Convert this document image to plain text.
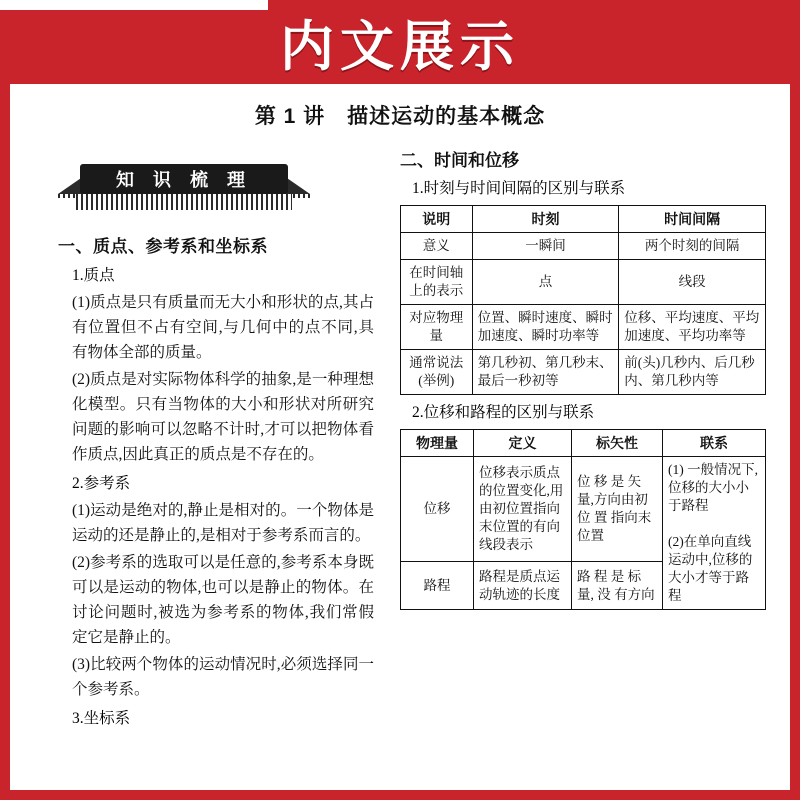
内文展示
第 1 讲　描述运动的基本概念
知 识 梳 理
一、质点、参考系和坐标系
1.质点

(1)质点是只有质量而无大小和形状的点,其占有位置但不占有空间,与几何中的点不同,具有物体全部的质量。

(2)质点是对实际物体科学的抽象,是一种理想化模型。只有当物体的大小和形状对所研究问题的影响可以忽略不计时,才可以把物体看作质点,因此真正的质点是不存在的。

2.参考系

(1)运动是绝对的,静止是相对的。一个物体是运动的还是静止的,是相对于参考系而言的。

(2)参考系的选取可以是任意的,参考系本身既可以是运动的物体,也可以是静止的物体。在讨论问题时,被选为参考系的物体,我们常假定它是静止的。

(3)比较两个物体的运动情况时,必须选择同一个参考系。

3.坐标系
二、时间和位移
1.时刻与时间间隔的区别与联系
说明	时刻	时间间隔
意义	一瞬间	两个时刻的间隔
在时间轴上的表示	点	线段
对应物理量	位置、瞬时速度、瞬时加速度、瞬时功率等	位移、平均速度、平均加速度、平均功率等
通常说法(举例)	第几秒初、第几秒末、最后一秒初等	前(头)几秒内、后几秒内、第几秒内等
2.位移和路程的区别与联系
物理量	定义	标矢性	联系
位移	位移表示质点的位置变化,用由初位置指向末位置的有向线段表示	位 移 是 矢量,方向由初 位 置 指向末位置	(1) 一般情况下,位移的大小小于路程
(2)在单向直线运动中,位移的大小才等于路程

路程	路程是质点运动轨迹的长度	路 程 是 标量, 没 有方向	
